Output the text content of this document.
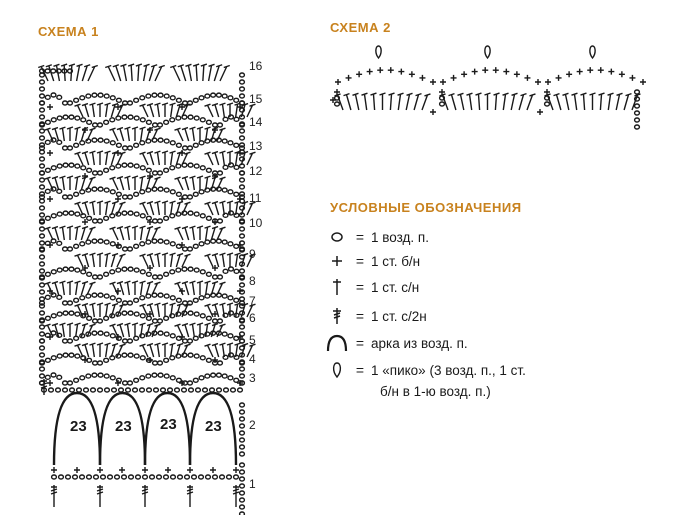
СХЕМА 1	СХЕМА 2
УСЛОВНЫЕ ОБОЗНАЧЕНИЯ
16
15
14
13
12
11
10
9
8
7
6
5
4
3
2
1
23 23 23 23
= 1 возд. п.
= 1 ст. б/н
= 1 ст. с/н
= 1 ст. с/2н
= арка из возд. п.
= 1 «пико» (3 возд. п., 1 ст.
б/н в 1-ю возд. п.)
